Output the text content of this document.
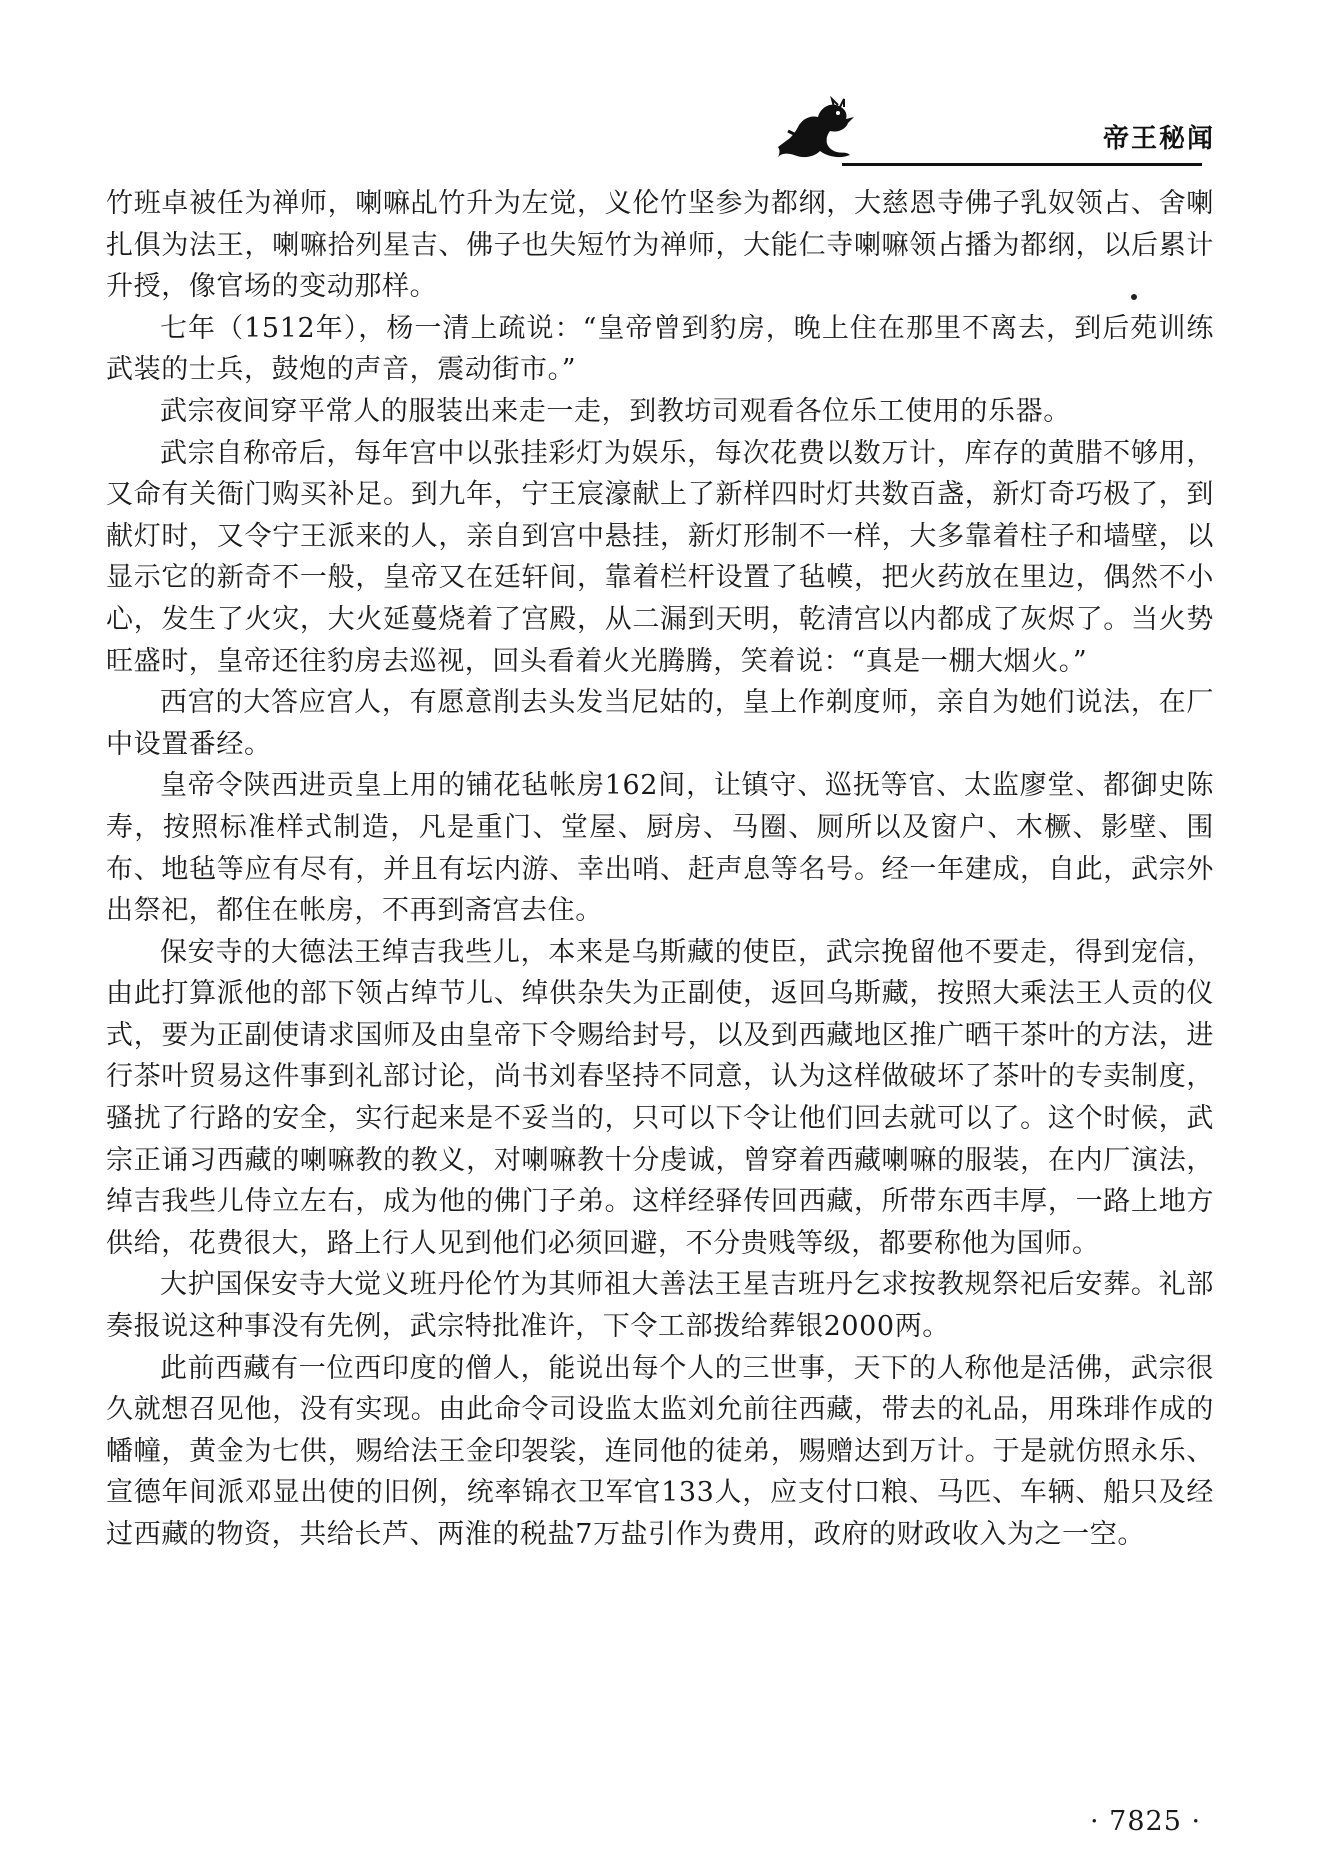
帝王秘闻

竹班卓被任为禅师，喇嘛乩竹升为左觉，义伦竹坚参为都纲，大慈恩寺佛子乳奴领占、舍喇扎俱为法王，喇嘛拾列星吉、佛子也失短竹为禅师，大能仁寺喇嘛领占播为都纲，以后累计升授，像官场的变动那样。

七年（1512年），杨一清上疏说：“皇帝曾到豹房，晚上住在那里不离去，到后苑训练武装的士兵，鼓炮的声音，震动街市。”

武宗夜间穿平常人的服装出来走一走，到教坊司观看各位乐工使用的乐器。

武宗自称帝后，每年宫中以张挂彩灯为娱乐，每次花费以数万计，库存的黄腊不够用，又命有关衙门购买补足。到九年，宁王宸濠献上了新样四时灯共数百盏，新灯奇巧极了，到献灯时，又令宁王派来的人，亲自到宫中悬挂，新灯形制不一样，大多靠着柱子和墙壁，以显示它的新奇不一般，皇帝又在廷轩间，靠着栏杆设置了毡幙，把火药放在里边，偶然不小心，发生了火灾，大火延蔓烧着了宫殿，从二漏到天明，乾清宫以内都成了灰烬了。当火势旺盛时，皇帝还往豹房去巡视，回头看着火光腾腾，笑着说：“真是一棚大烟火。”

西宫的大答应宫人，有愿意削去头发当尼姑的，皇上作剃度师，亲自为她们说法，在厂中设置番经。

皇帝令陕西进贡皇上用的铺花毡帐房162间，让镇守、巡抚等官、太监廖堂、都御史陈寿，按照标准样式制造，凡是重门、堂屋、厨房、马圈、厕所以及窗户、木橛、影壁、围布、地毡等应有尽有，并且有坛内游、幸出哨、赶声息等名号。经一年建成，自此，武宗外出祭祀，都住在帐房，不再到斋宫去住。

保安寺的大德法王绰吉我些儿，本来是乌斯藏的使臣，武宗挽留他不要走，得到宠信，由此打算派他的部下领占绰节儿、绰供杂失为正副使，返回乌斯藏，按照大乘法王人贡的仪式，要为正副使请求国师及由皇帝下令赐给封号，以及到西藏地区推广晒干茶叶的方法，进行茶叶贸易这件事到礼部讨论，尚书刘春坚持不同意，认为这样做破坏了茶叶的专卖制度，骚扰了行路的安全，实行起来是不妥当的，只可以下令让他们回去就可以了。这个时候，武宗正诵习西藏的喇嘛教的教义，对喇嘛教十分虔诚，曾穿着西藏喇嘛的服装，在内厂演法，绰吉我些儿侍立左右，成为他的佛门子弟。这样经驿传回西藏，所带东西丰厚，一路上地方供给，花费很大，路上行人见到他们必须回避，不分贵贱等级，都要称他为国师。

大护国保安寺大觉义班丹伦竹为其师祖大善法王星吉班丹乞求按教规祭祀后安葬。礼部奏报说这种事没有先例，武宗特批准许，下令工部拨给葬银2000两。

此前西藏有一位西印度的僧人，能说出每个人的三世事，天下的人称他是活佛，武宗很久就想召见他，没有实现。由此命令司设监太监刘允前往西藏，带去的礼品，用珠琲作成的幡幢，黄金为七供，赐给法王金印袈裟，连同他的徒弟，赐赠达到万计。于是就仿照永乐、宣德年间派邓显出使的旧例，统率锦衣卫军官133人，应支付口粮、马匹、车辆、船只及经过西藏的物资，共给长芦、两淮的税盐7万盐引作为费用，政府的财政收入为之一空。

· 7825 ·
